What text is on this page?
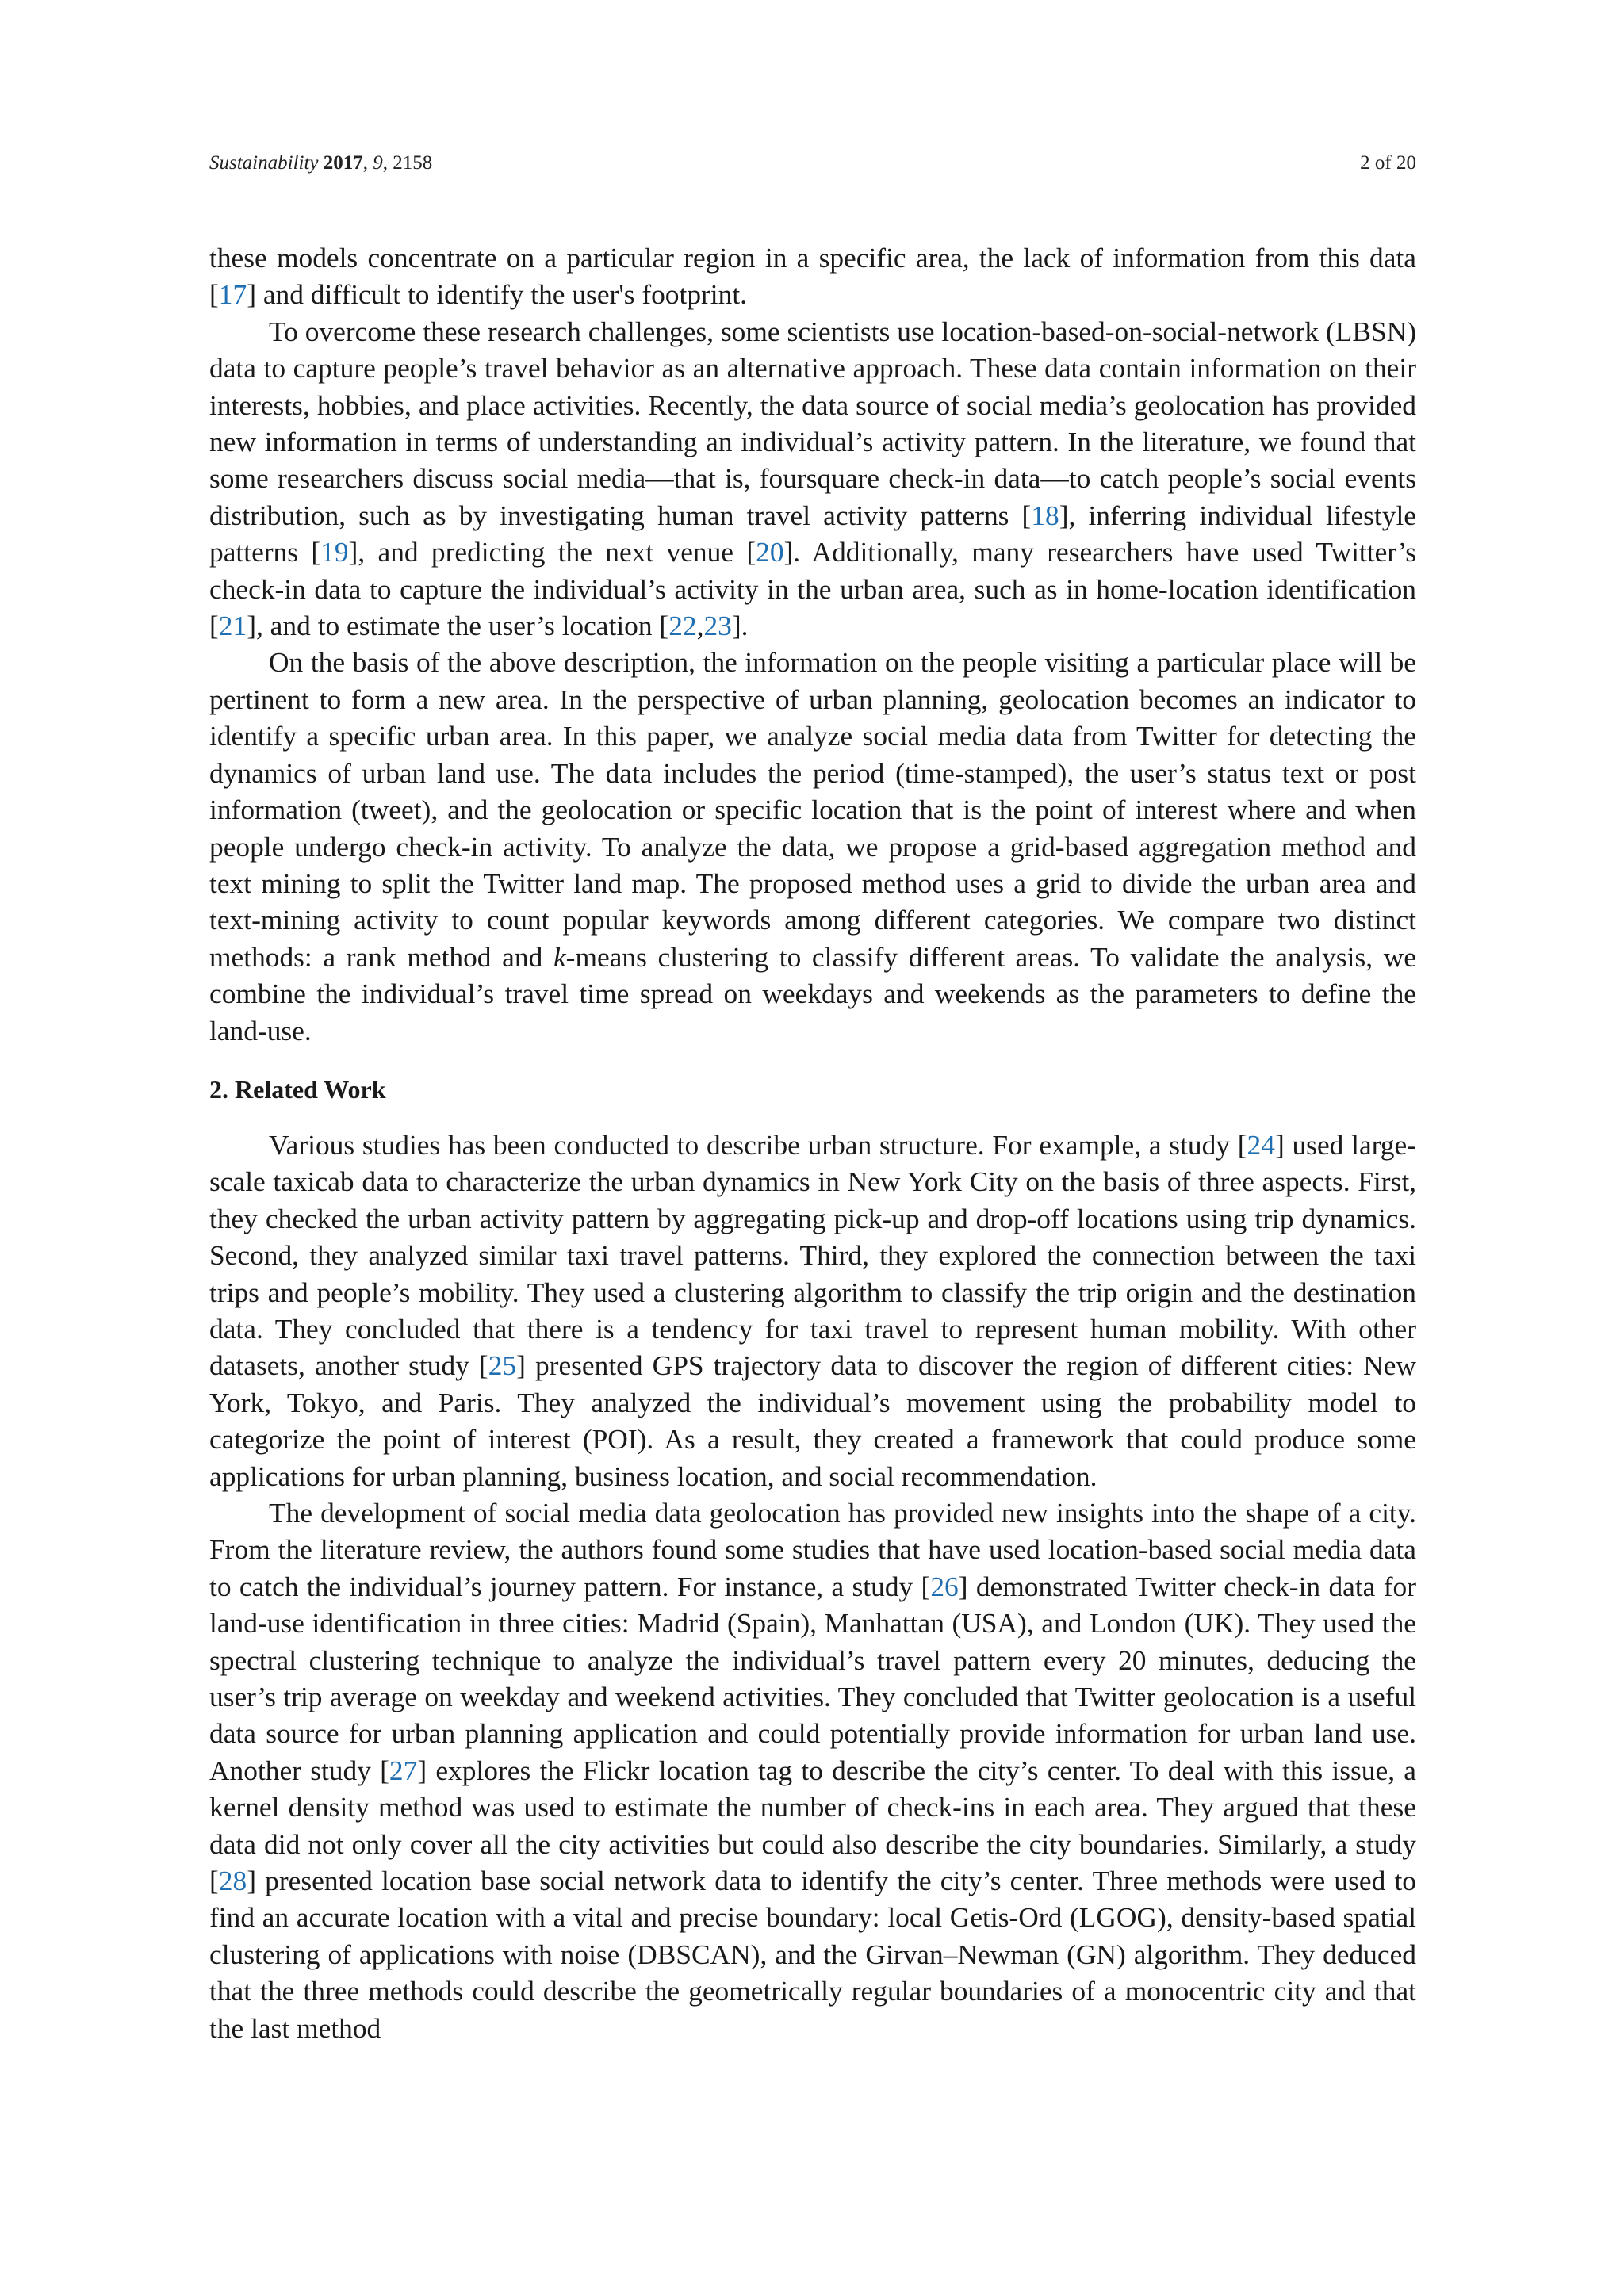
Sustainability 2017, 9, 2158	2 of 20

these models concentrate on a particular region in a specific area, the lack of information from this data [17] and difficult to identify the user's footprint.

To overcome these research challenges, some scientists use location-based-on-social-network (LBSN) data to capture people’s travel behavior as an alternative approach. These data contain information on their interests, hobbies, and place activities. Recently, the data source of social media’s geolocation has provided new information in terms of understanding an individual’s activity pattern. In the literature, we found that some researchers discuss social media—that is, foursquare check-in data—to catch people’s social events distribution, such as by investigating human travel activity patterns [18], inferring individual lifestyle patterns [19], and predicting the next venue [20]. Additionally, many researchers have used Twitter’s check-in data to capture the individual’s activity in the urban area, such as in home-location identification [21], and to estimate the user’s location [22,23].

On the basis of the above description, the information on the people visiting a particular place will be pertinent to form a new area. In the perspective of urban planning, geolocation becomes an indicator to identify a specific urban area. In this paper, we analyze social media data from Twitter for detecting the dynamics of urban land use. The data includes the period (time-stamped), the user’s status text or post information (tweet), and the geolocation or specific location that is the point of interest where and when people undergo check-in activity. To analyze the data, we propose a grid-based aggregation method and text mining to split the Twitter land map. The proposed method uses a grid to divide the urban area and text-mining activity to count popular keywords among different categories. We compare two distinct methods: a rank method and k-means clustering to classify different areas. To validate the analysis, we combine the individual’s travel time spread on weekdays and weekends as the parameters to define the land-use.

2. Related Work

Various studies has been conducted to describe urban structure. For example, a study [24] used large-scale taxicab data to characterize the urban dynamics in New York City on the basis of three aspects. First, they checked the urban activity pattern by aggregating pick-up and drop-off locations using trip dynamics. Second, they analyzed similar taxi travel patterns. Third, they explored the connection between the taxi trips and people’s mobility. They used a clustering algorithm to classify the trip origin and the destination data. They concluded that there is a tendency for taxi travel to represent human mobility. With other datasets, another study [25] presented GPS trajectory data to discover the region of different cities: New York, Tokyo, and Paris. They analyzed the individual’s movement using the probability model to categorize the point of interest (POI). As a result, they created a framework that could produce some applications for urban planning, business location, and social recommendation.

The development of social media data geolocation has provided new insights into the shape of a city. From the literature review, the authors found some studies that have used location-based social media data to catch the individual’s journey pattern. For instance, a study [26] demonstrated Twitter check-in data for land-use identification in three cities: Madrid (Spain), Manhattan (USA), and London (UK). They used the spectral clustering technique to analyze the individual’s travel pattern every 20 minutes, deducing the user’s trip average on weekday and weekend activities. They concluded that Twitter geolocation is a useful data source for urban planning application and could potentially provide information for urban land use. Another study [27] explores the Flickr location tag to describe the city’s center. To deal with this issue, a kernel density method was used to estimate the number of check-ins in each area. They argued that these data did not only cover all the city activities but could also describe the city boundaries. Similarly, a study [28] presented location base social network data to identify the city’s center. Three methods were used to find an accurate location with a vital and precise boundary: local Getis-Ord (LGOG), density-based spatial clustering of applications with noise (DBSCAN), and the Girvan–Newman (GN) algorithm. They deduced that the three methods could describe the geometrically regular boundaries of a monocentric city and that the last method
